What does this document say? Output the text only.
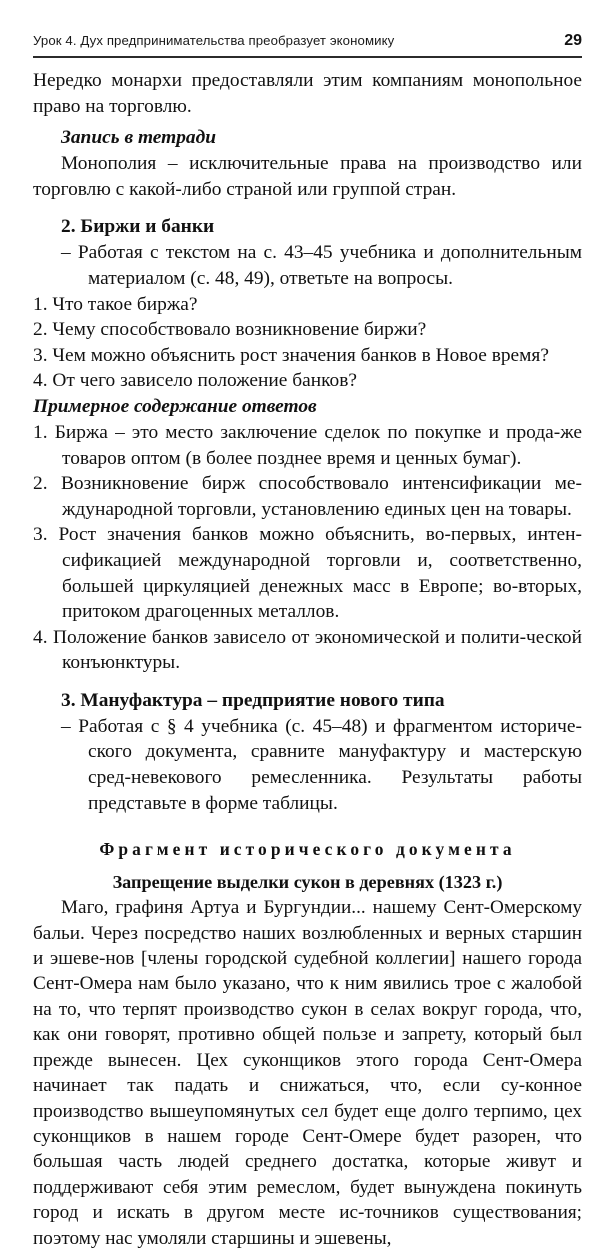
Урок 4. Дух предпринимательства преобразует экономику	29

Нередко монархи предоставляли этим компаниям монопольное право на торговлю.

Запись в тетради

Монополия – исключительные права на производство или торговлю с какой-либо страной или группой стран.

2. Биржи и банки
– Работая с текстом на с. 43–45 учебника и дополнительным материалом (с. 48, 49), ответьте на вопросы.
1. Что такое биржа?
2. Чему способствовало возникновение биржи?
3. Чем можно объяснить рост значения банков в Новое время?
4. От чего зависело положение банков?
Примерное содержание ответов
1. Биржа – это место заключение сделок по покупке и прода-же товаров оптом (в более позднее время и ценных бумаг).
2. Возникновение бирж способствовало интенсификации ме-ждународной торговли, установлению единых цен на товары.
3. Рост значения банков можно объяснить, во-первых, интен-сификацией международной торговли и, соответственно, большей циркуляцией денежных масс в Европе; во-вторых, притоком драгоценных металлов.
4. Положение банков зависело от экономической и полити-ческой конъюнктуры.
3. Мануфактура – предприятие нового типа
– Работая с § 4 учебника (с. 45–48) и фрагментом историче-ского документа, сравните мануфактуру и мастерскую сред-невекового ремесленника. Результаты работы представьте в форме таблицы.
Фрагмент исторического документа
Запрещение выделки сукон в деревнях (1323 г.)
Маго, графиня Артуа и Бургундии... нашему Сент-Омерскому бальи. Через посредство наших возлюбленных и верных старшин и эшеве-нов [члены городской судебной коллегии] нашего города Сент-Омера нам было указано, что к ним явились трое с жалобой на то, что терпят производство сукон в селах вокруг города, что, как они говорят, противно общей пользе и запрету, который был прежде вынесен. Цех суконщиков этого города Сент-Омера начинает так падать и снижаться, что, если су-конное производство вышеупомянутых сел будет еще долго терпимо, цех суконщиков в нашем городе Сент-Омере будет разорен, что большая часть людей среднего достатка, которые живут и поддерживают себя этим ремеслом, будет вынуждена покинуть город и искать в другом месте ис-точников существования; поэтому нас умоляли старшины и эшевены,
